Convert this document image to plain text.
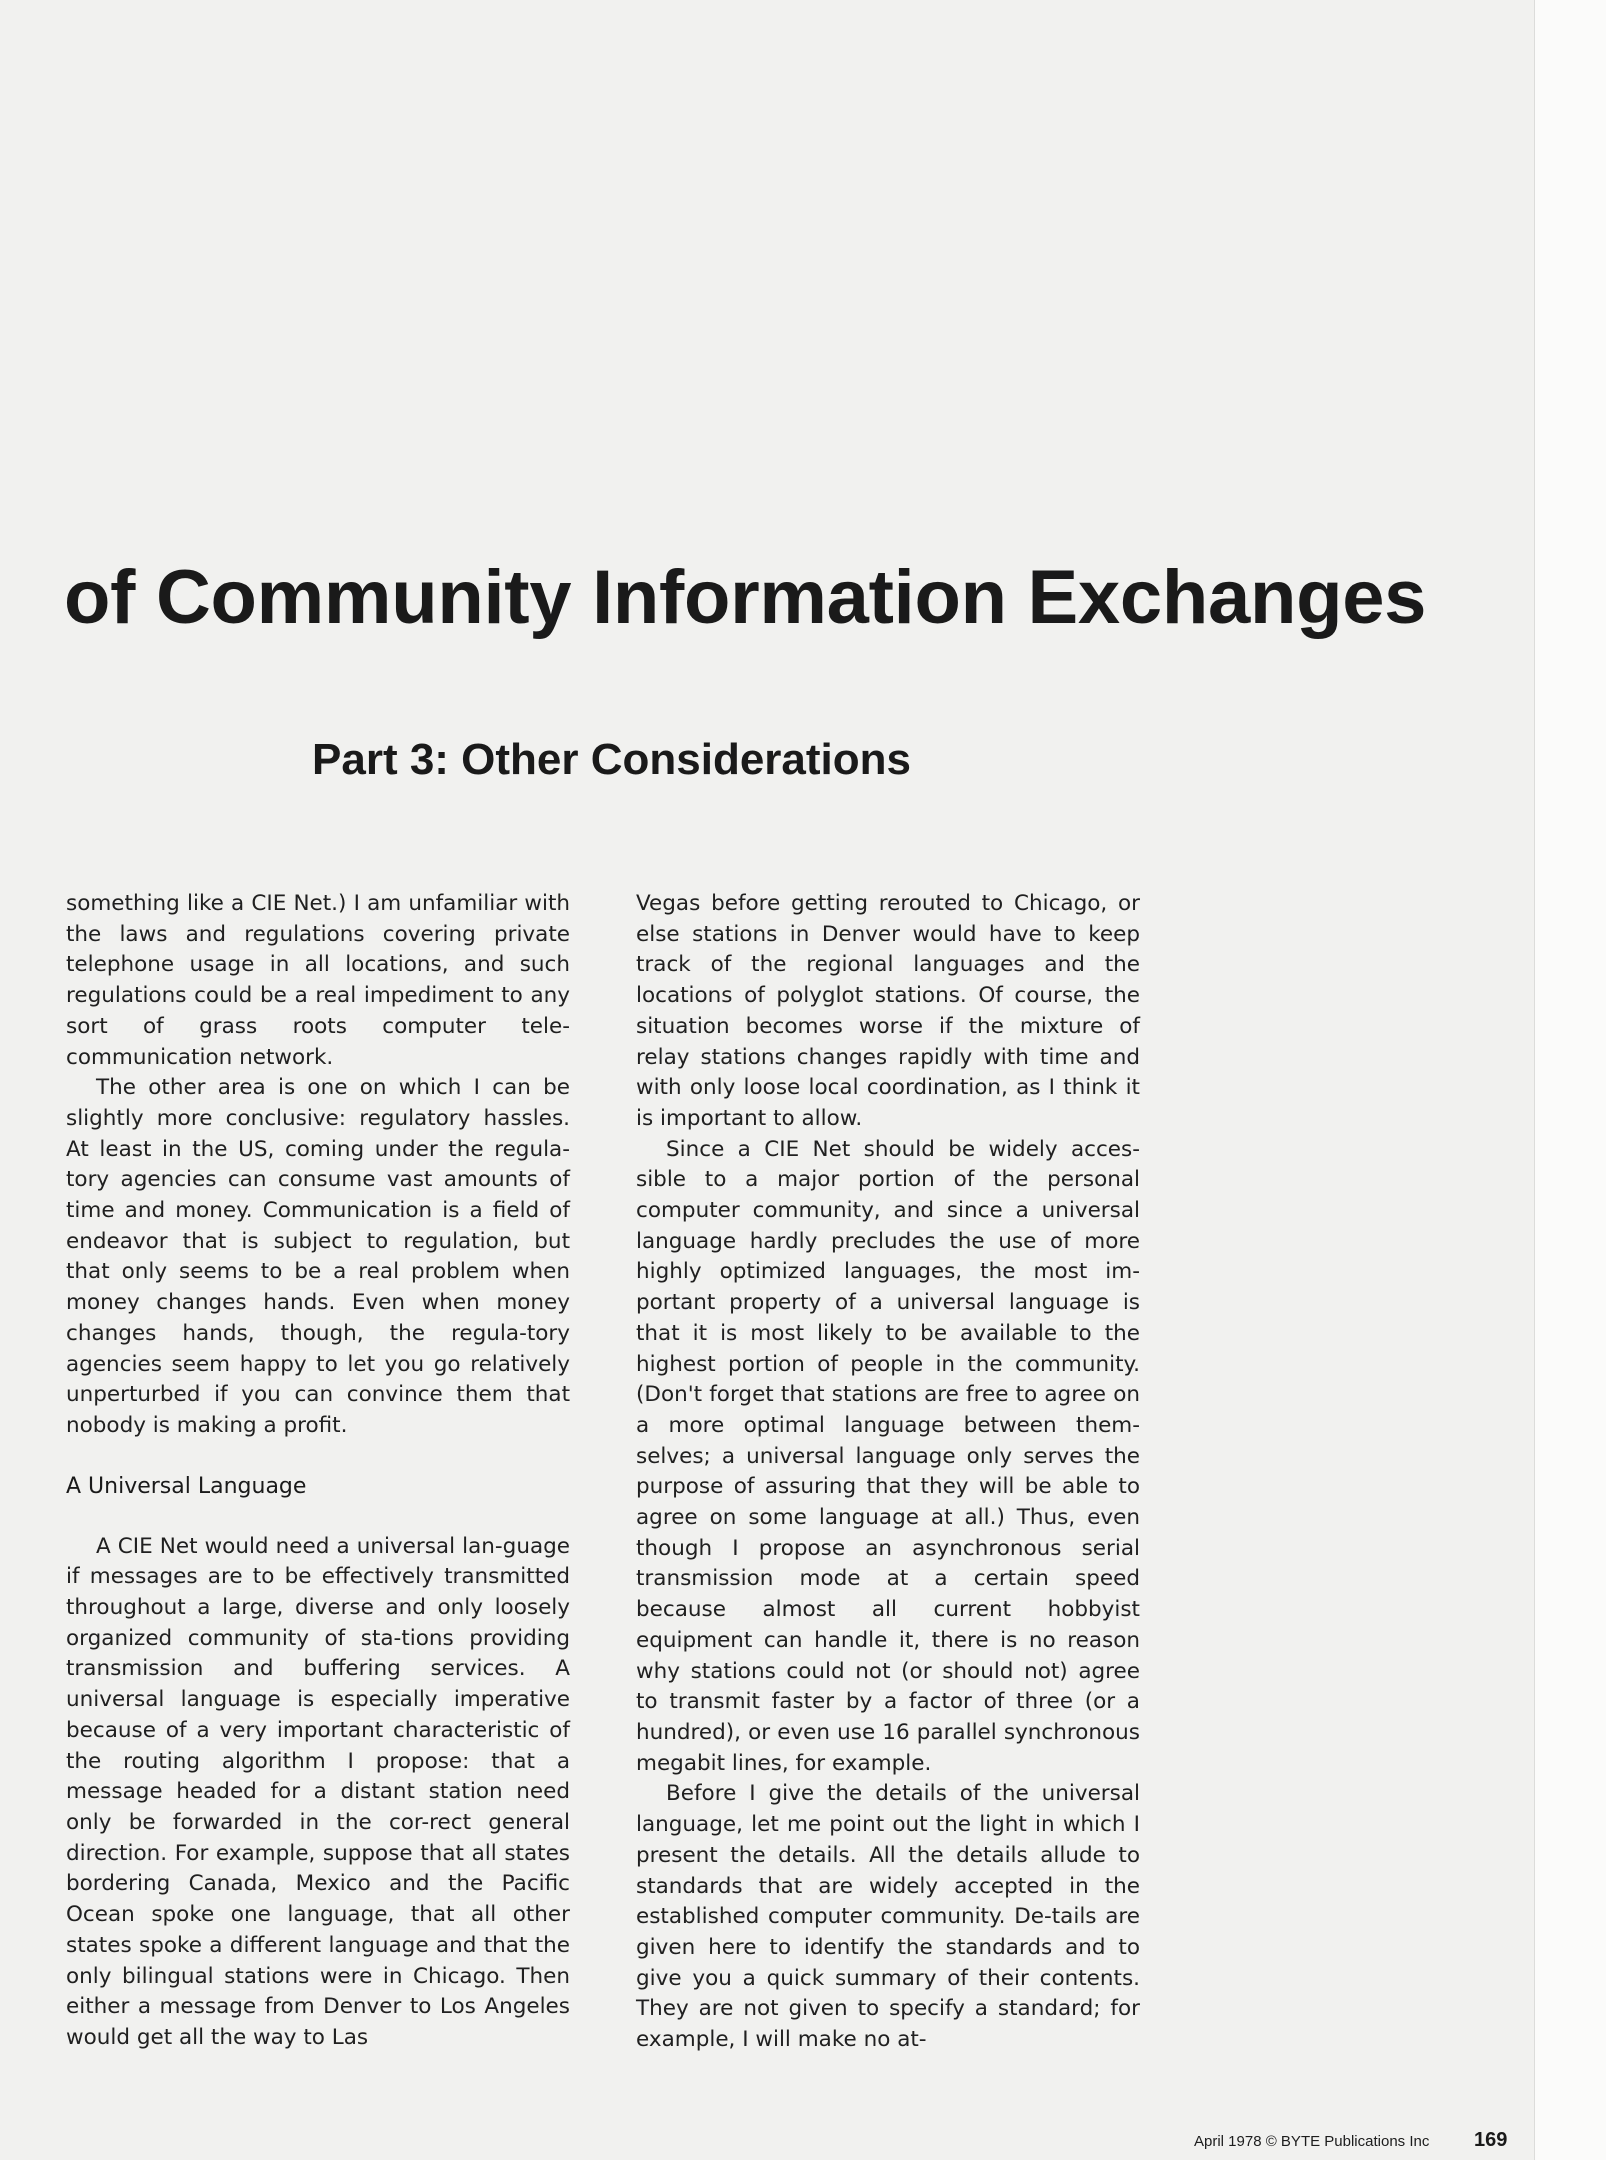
of Community Information Exchanges
Part 3: Other Considerations

something like a CIE Net.) I am unfamiliar with the laws and regulations covering private telephone usage in all locations, and such regulations could be a real impediment to any sort of grass roots computer tele-communication network.

The other area is one on which I can be slightly more conclusive: regulatory hassles. At least in the US, coming under the regula-tory agencies can consume vast amounts of time and money. Communication is a field of endeavor that is subject to regulation, but that only seems to be a real problem when money changes hands. Even when money changes hands, though, the regula-tory agencies seem happy to let you go relatively unperturbed if you can convince them that nobody is making a profit.

A Universal Language

A CIE Net would need a universal lan-guage if messages are to be effectively transmitted throughout a large, diverse and only loosely organized community of sta-tions providing transmission and buffering services. A universal language is especially imperative because of a very important characteristic of the routing algorithm I propose: that a message headed for a distant station need only be forwarded in the cor-rect general direction. For example, suppose that all states bordering Canada, Mexico and the Pacific Ocean spoke one language, that all other states spoke a different language and that the only bilingual stations were in Chicago. Then either a message from Denver to Los Angeles would get all the way to Las

Vegas before getting rerouted to Chicago, or else stations in Denver would have to keep track of the regional languages and the locations of polyglot stations. Of course, the situation becomes worse if the mixture of relay stations changes rapidly with time and with only loose local coordination, as I think it is important to allow.

Since a CIE Net should be widely acces-sible to a major portion of the personal computer community, and since a universal language hardly precludes the use of more highly optimized languages, the most im-portant property of a universal language is that it is most likely to be available to the highest portion of people in the community. (Don't forget that stations are free to agree on a more optimal language between them-selves; a universal language only serves the purpose of assuring that they will be able to agree on some language at all.) Thus, even though I propose an asynchronous serial transmission mode at a certain speed because almost all current hobbyist equipment can handle it, there is no reason why stations could not (or should not) agree to transmit faster by a factor of three (or a hundred), or even use 16 parallel synchronous megabit lines, for example.

Before I give the details of the universal language, let me point out the light in which I present the details. All the details allude to standards that are widely accepted in the established computer community. De-tails are given here to identify the standards and to give you a quick summary of their contents. They are not given to specify a standard; for example, I will make no at-

April 1978 © BYTE Publications Inc 169
